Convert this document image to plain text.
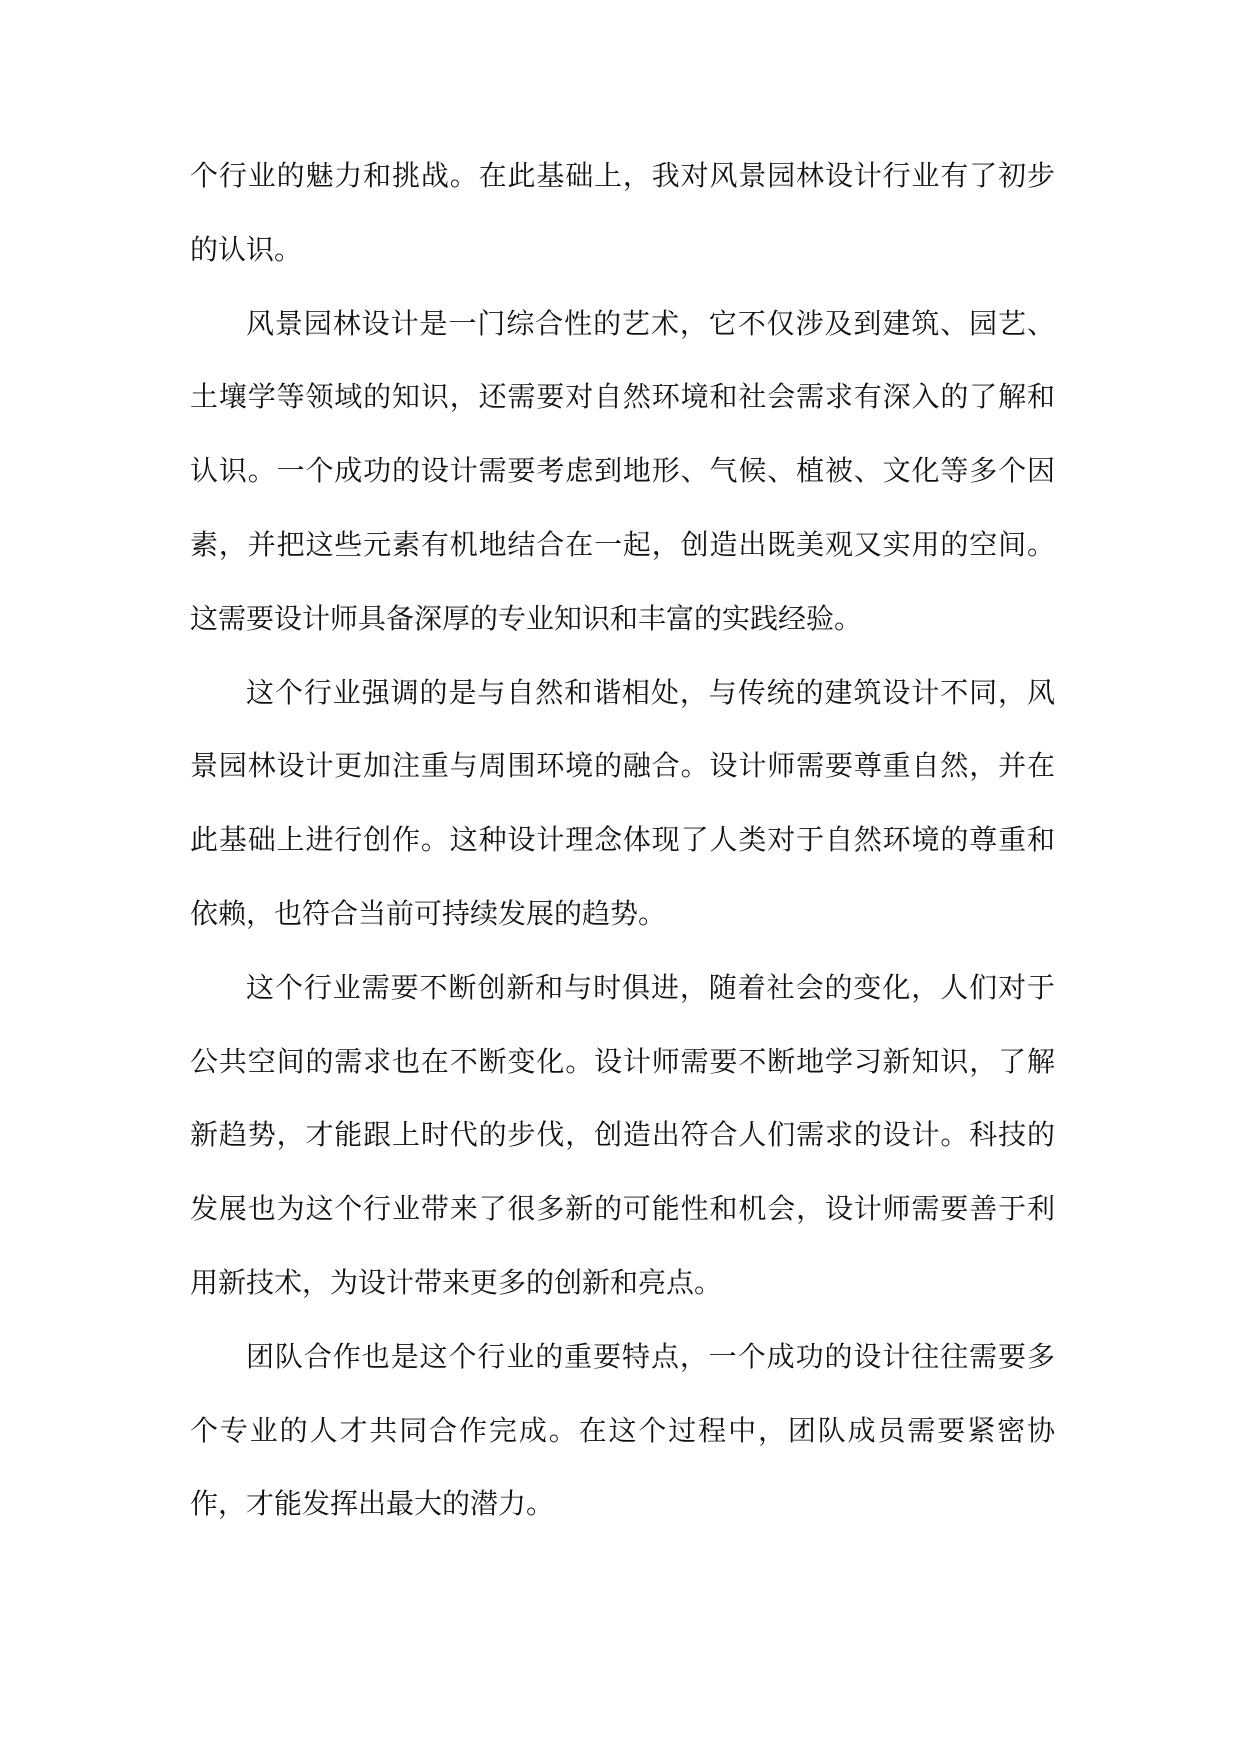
个行业的魅力和挑战。在此基础上，我对风景园林设计行业有了初步的认识。

风景园林设计是一门综合性的艺术，它不仅涉及到建筑、园艺、土壤学等领域的知识，还需要对自然环境和社会需求有深入的了解和认识。一个成功的设计需要考虑到地形、气候、植被、文化等多个因素，并把这些元素有机地结合在一起，创造出既美观又实用的空间。这需要设计师具备深厚的专业知识和丰富的实践经验。

这个行业强调的是与自然和谐相处，与传统的建筑设计不同，风景园林设计更加注重与周围环境的融合。设计师需要尊重自然，并在此基础上进行创作。这种设计理念体现了人类对于自然环境的尊重和依赖，也符合当前可持续发展的趋势。

这个行业需要不断创新和与时俱进，随着社会的变化，人们对于公共空间的需求也在不断变化。设计师需要不断地学习新知识，了解新趋势，才能跟上时代的步伐，创造出符合人们需求的设计。科技的发展也为这个行业带来了很多新的可能性和机会，设计师需要善于利用新技术，为设计带来更多的创新和亮点。

团队合作也是这个行业的重要特点，一个成功的设计往往需要多个专业的人才共同合作完成。在这个过程中，团队成员需要紧密协作，才能发挥出最大的潜力。
